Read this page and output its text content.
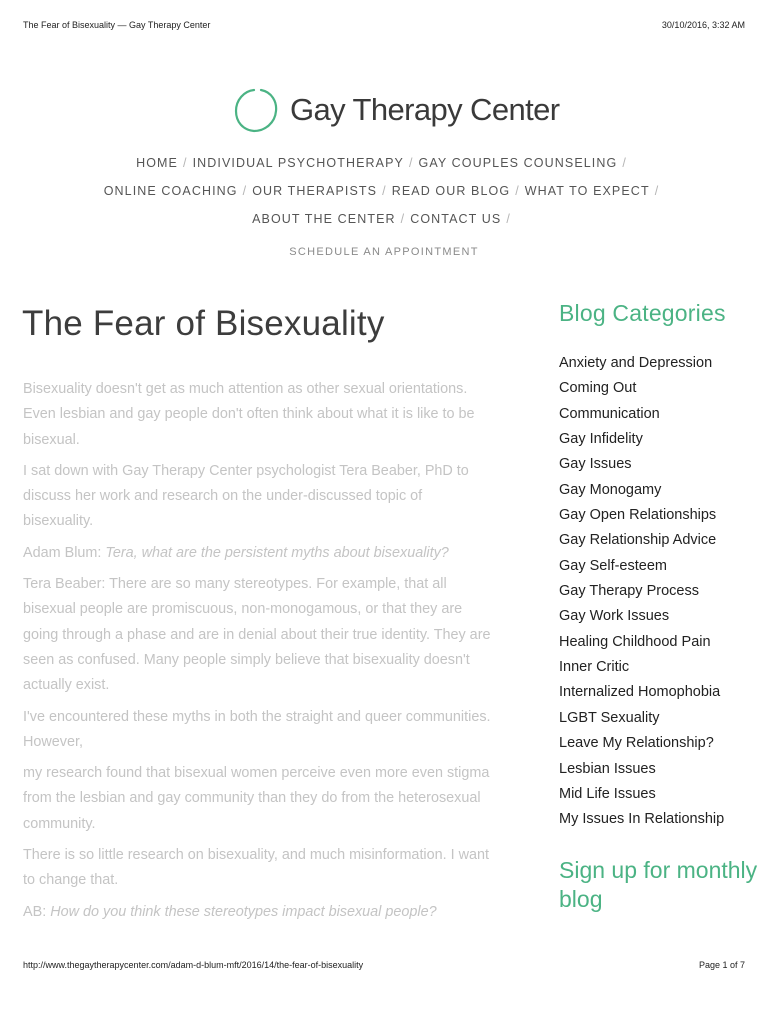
The Fear of Bisexuality — Gay Therapy Center	30/10/2016, 3:32 AM
Gay Therapy Center
HOME / INDIVIDUAL PSYCHOTHERAPY / GAY COUPLES COUNSELING /
ONLINE COACHING / OUR THERAPISTS / READ OUR BLOG / WHAT TO EXPECT /
ABOUT THE CENTER / CONTACT US /
SCHEDULE AN APPOINTMENT
The Fear of Bisexuality

Bisexuality doesn't get as much attention as other sexual orientations. Even lesbian and gay people don't often think about what it is like to be bisexual.

I sat down with Gay Therapy Center psychologist Tera Beaber, PhD to discuss her work and research on the under-discussed topic of bisexuality.

Adam Blum: Tera, what are the persistent myths about bisexuality?

Tera Beaber: There are so many stereotypes. For example, that all bisexual people are promiscuous, non-monogamous, or that they are going through a phase and are in denial about their true identity. They are seen as confused. Many people simply believe that bisexuality doesn't actually exist.

I've encountered these myths in both the straight and queer communities. However,

my research found that bisexual women perceive even more even stigma from the lesbian and gay community than they do from the heterosexual community.

There is so little research on bisexuality, and much misinformation. I want to change that.

AB: How do you think these stereotypes impact bisexual people?

Blog Categories
Anxiety and Depression
Coming Out
Communication
Gay Infidelity
Gay Issues
Gay Monogamy
Gay Open Relationships
Gay Relationship Advice
Gay Self-esteem
Gay Therapy Process
Gay Work Issues
Healing Childhood Pain
Inner Critic
Internalized Homophobia
LGBT Sexuality
Leave My Relationship?
Lesbian Issues
Mid Life Issues
My Issues In Relationship
Sign up for monthly blog
http://www.thegaytherapycenter.com/adam-d-blum-mft/2016/14/the-fear-of-bisexuality	Page 1 of 7
